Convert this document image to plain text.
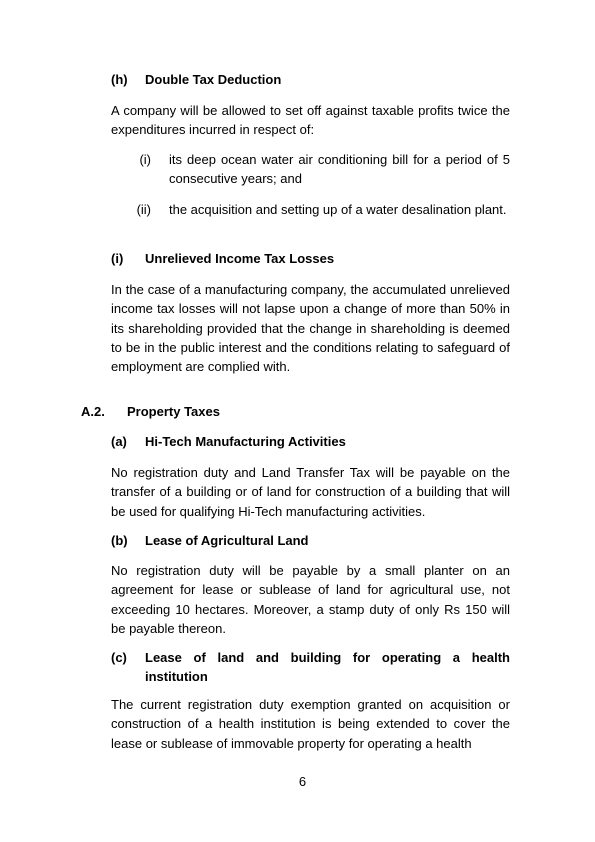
(h) Double Tax Deduction
A company will be allowed to set off against taxable profits twice the expenditures incurred in respect of:
(i) its deep ocean water air conditioning bill for a period of 5 consecutive years; and
(ii) the acquisition and setting up of a water desalination plant.
(i) Unrelieved Income Tax Losses
In the case of a manufacturing company, the accumulated unrelieved income tax losses will not lapse upon a change of more than 50% in its shareholding provided that the change in shareholding is deemed to be in the public interest and the conditions relating to safeguard of employment are complied with.
A.2. Property Taxes
(a) Hi-Tech Manufacturing Activities
No registration duty and Land Transfer Tax will be payable on the transfer of a building or of land for construction of a building that will be used for qualifying Hi-Tech manufacturing activities.
(b) Lease of Agricultural Land
No registration duty will be payable by a small planter on an agreement for lease or sublease of land for agricultural use, not exceeding 10 hectares. Moreover, a stamp duty of only Rs 150 will be payable thereon.
(c) Lease of land and building for operating a health institution
The current registration duty exemption granted on acquisition or construction of a health institution is being extended to cover the lease or sublease of immovable property for operating a health
6
